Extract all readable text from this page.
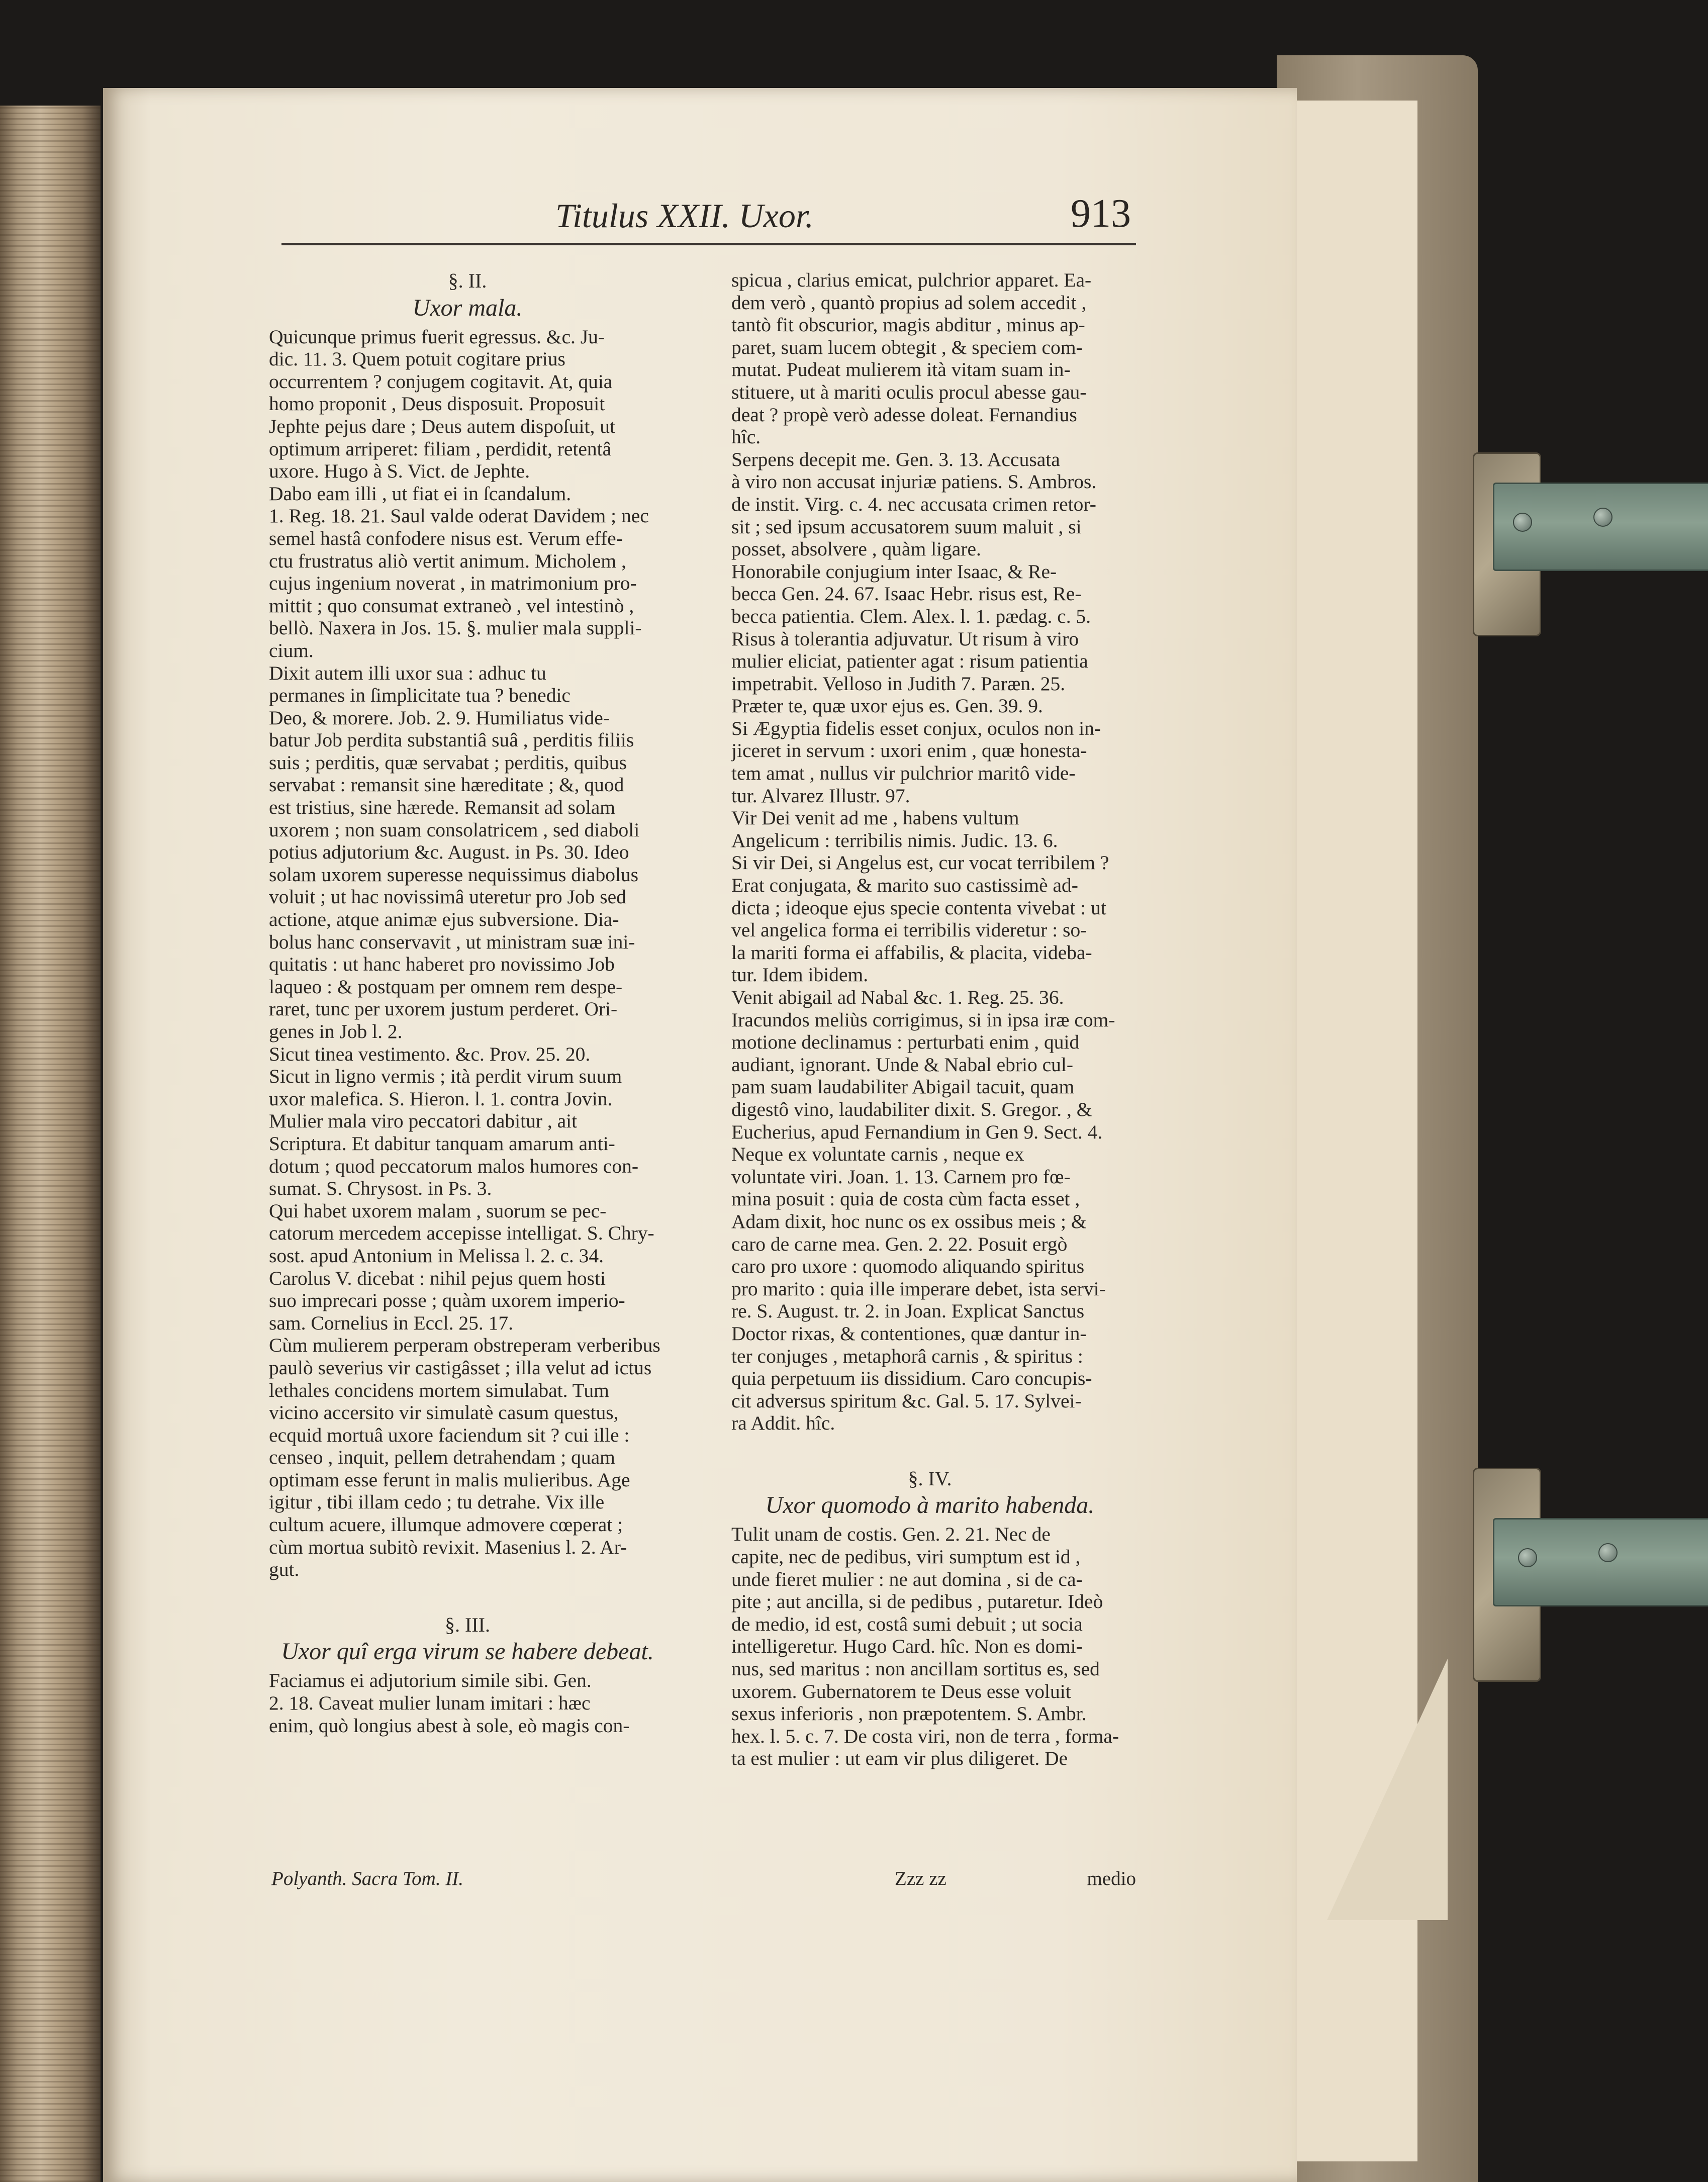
Titulus XXII. Uxor.	913
§. II.
Uxor mala.

Quicunque primus fuerit egressus. &c. Ju-

dic. 11. 3. Quem potuit cogitare prius

occurrentem ? conjugem cogitavit. At, quia

homo proponit , Deus disposuit. Proposuit

Jephte pejus dare ; Deus autem dispoſuit, ut

optimum arriperet: filiam , perdidit, retentâ

uxore. Hugo à S. Vict. de Jephte.

Dabo eam illi , ut fiat ei in ſcandalum.

1. Reg. 18. 21. Saul valde oderat Davidem ; nec

semel hastâ confodere nisus est. Verum effe-

ctu frustratus aliò vertit animum. Micholem ,

cujus ingenium noverat , in matrimonium pro-

mittit ; quo consumat extraneò , vel intestinò ,

bellò. Naxera in Jos. 15. §. mulier mala suppli-

cium.

Dixit autem illi uxor sua : adhuc tu

permanes in ſimplicitate tua ? benedic

Deo, & morere. Job. 2. 9. Humiliatus vide-

batur Job perdita substantiâ suâ , perditis filiis

suis ; perditis, quæ servabat ; perditis, quibus

servabat : remansit sine hæreditate ; &, quod

est tristius, sine hærede. Remansit ad solam

uxorem ; non suam consolatricem , sed diaboli

potius adjutorium &c. August. in Ps. 30. Ideo

solam uxorem superesse nequissimus diabolus

voluit ; ut hac novissimâ uteretur pro Job sed

actione, atque animæ ejus subversione. Dia-

bolus hanc conservavit , ut ministram suæ ini-

quitatis : ut hanc haberet pro novissimo Job

laqueo : & postquam per omnem rem despe-

raret, tunc per uxorem justum perderet. Ori-

genes in Job l. 2.

Sicut tinea vestimento. &c. Prov. 25. 20.

Sicut in ligno vermis ; ità perdit virum suum

uxor malefica. S. Hieron. l. 1. contra Jovin.

Mulier mala viro peccatori dabitur , ait

Scriptura. Et dabitur tanquam amarum anti-

dotum ; quod peccatorum malos humores con-

sumat. S. Chrysost. in Ps. 3.

Qui habet uxorem malam , suorum se pec-

catorum mercedem accepisse intelligat. S. Chry-

sost. apud Antonium in Melissa l. 2. c. 34.

Carolus V. dicebat : nihil pejus quem hosti

suo imprecari posse ; quàm uxorem imperio-

sam. Cornelius in Eccl. 25. 17.

Cùm mulierem perperam obstreperam verberibus

paulò severius vir castigâsset ; illa velut ad ictus

lethales concidens mortem simulabat. Tum

vicino accersito vir simulatè casum questus,

ecquid mortuâ uxore faciendum sit ? cui ille :

censeo , inquit, pellem detrahendam ; quam

optimam esse ferunt in malis mulieribus. Age

igitur , tibi illam cedo ; tu detrahe. Vix ille

cultum acuere, illumque admovere cœperat ;

cùm mortua subitò revixit. Masenius l. 2. Ar-

gut.

§. III.
Uxor quî erga virum se habere debeat.

Faciamus ei adjutorium simile sibi. Gen.

2. 18. Caveat mulier lunam imitari : hæc

enim, quò longius abest à sole, eò magis con-

spicua , clarius emicat, pulchrior apparet. Ea-

dem verò , quantò propius ad solem accedit ,

tantò fit obscurior, magis abditur , minus ap-

paret, suam lucem obtegit , & speciem com-

mutat. Pudeat mulierem ità vitam suam in-

stituere, ut à mariti oculis procul abesse gau-

deat ? propè verò adesse doleat. Fernandius

hîc.

Serpens decepit me. Gen. 3. 13. Accusata

à viro non accusat injuriæ patiens. S. Ambros.

de instit. Virg. c. 4. nec accusata crimen retor-

sit ; sed ipsum accusatorem suum maluit , si

posset, absolvere , quàm ligare.

Honorabile conjugium inter Isaac, & Re-

becca Gen. 24. 67. Isaac Hebr. risus est, Re-

becca patientia. Clem. Alex. l. 1. pædag. c. 5.

Risus à tolerantia adjuvatur. Ut risum à viro

mulier eliciat, patienter agat : risum patientia

impetrabit. Velloso in Judith 7. Paræn. 25.

Præter te, quæ uxor ejus es. Gen. 39. 9.

Si Ægyptia fidelis esset conjux, oculos non in-

jiceret in servum : uxori enim , quæ honesta-

tem amat , nullus vir pulchrior maritô vide-

tur. Alvarez Illustr. 97.

Vir Dei venit ad me , habens vultum

Angelicum : terribilis nimis. Judic. 13. 6.

Si vir Dei, si Angelus est, cur vocat terribilem ?

Erat conjugata, & marito suo castissimè ad-

dicta ; ideoque ejus specie contenta vivebat : ut

vel angelica forma ei terribilis videretur : so-

la mariti forma ei affabilis, & placita, videba-

tur. Idem ibidem.

Venit abigail ad Nabal &c. 1. Reg. 25. 36.

Iracundos meliùs corrigimus, si in ipsa iræ com-

motione declinamus : perturbati enim , quid

audiant, ignorant. Unde & Nabal ebrio cul-

pam suam laudabiliter Abigail tacuit, quam

digestô vino, laudabiliter dixit. S. Gregor. , &

Eucherius, apud Fernandium in Gen 9. Sect. 4.

Neque ex voluntate carnis , neque ex

voluntate viri. Joan. 1. 13. Carnem pro fœ-

mina posuit : quia de costa cùm facta esset ,

Adam dixit, hoc nunc os ex ossibus meis ; &

caro de carne mea. Gen. 2. 22. Posuit ergò

caro pro uxore : quomodo aliquando spiritus

pro marito : quia ille imperare debet, ista servi-

re. S. August. tr. 2. in Joan. Explicat Sanctus

Doctor rixas, & contentiones, quæ dantur in-

ter conjuges , metaphorâ carnis , & spiritus :

quia perpetuum iis dissidium. Caro concupis-

cit adversus spiritum &c. Gal. 5. 17. Sylvei-

ra Addit. hîc.

§. IV.
Uxor quomodo à marito habenda.

Tulit unam de costis. Gen. 2. 21. Nec de

capite, nec de pedibus, viri sumptum est id ,

unde fieret mulier : ne aut domina , si de ca-

pite ; aut ancilla, si de pedibus , putaretur. Ideò

de medio, id est, costâ sumi debuit ; ut socia

intelligeretur. Hugo Card. hîc. Non es domi-

nus, sed maritus : non ancillam sortitus es, sed

uxorem. Gubernatorem te Deus esse voluit

sexus inferioris , non præpotentem. S. Ambr.

hex. l. 5. c. 7. De costa viri, non de terra , forma-

ta est mulier : ut eam vir plus diligeret. De

Polyanth. Sacra Tom. II.	Zzz zz	medio
